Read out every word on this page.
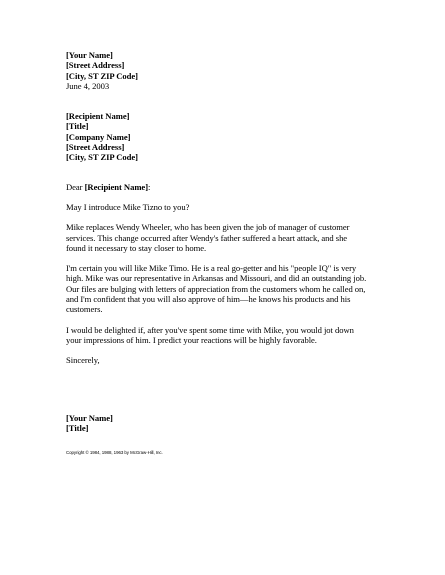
[Your Name]
[Street Address]
[City, ST ZIP Code]
June 4, 2003
[Recipient Name]
[Title]
[Company Name]
[Street Address]
[City, ST ZIP Code]
Dear [Recipient Name]:
May I introduce Mike Tizno to you?
Mike replaces Wendy Wheeler, who has been given the job of manager of customer
services. This change occurred after Wendy's father suffered a heart attack, and she
found it necessary to stay closer to home.
I'm certain you will like Mike Timo. He is a real go-getter and his "people IQ" is very
high. Mike was our representative in Arkansas and Missouri, and did an outstanding job.
Our files are bulging with letters of appreciation from the customers whom he called on,
and I'm confident that you will also approve of him—he knows his products and his
customers.
I would be delighted if, after you've spent some time with Mike, you would jot down
your impressions of him. I predict your reactions will be highly favorable.
Sincerely,
[Your Name]
[Title]
Copyright © 1984, 1988, 1963 by McGraw-Hill, Inc.
